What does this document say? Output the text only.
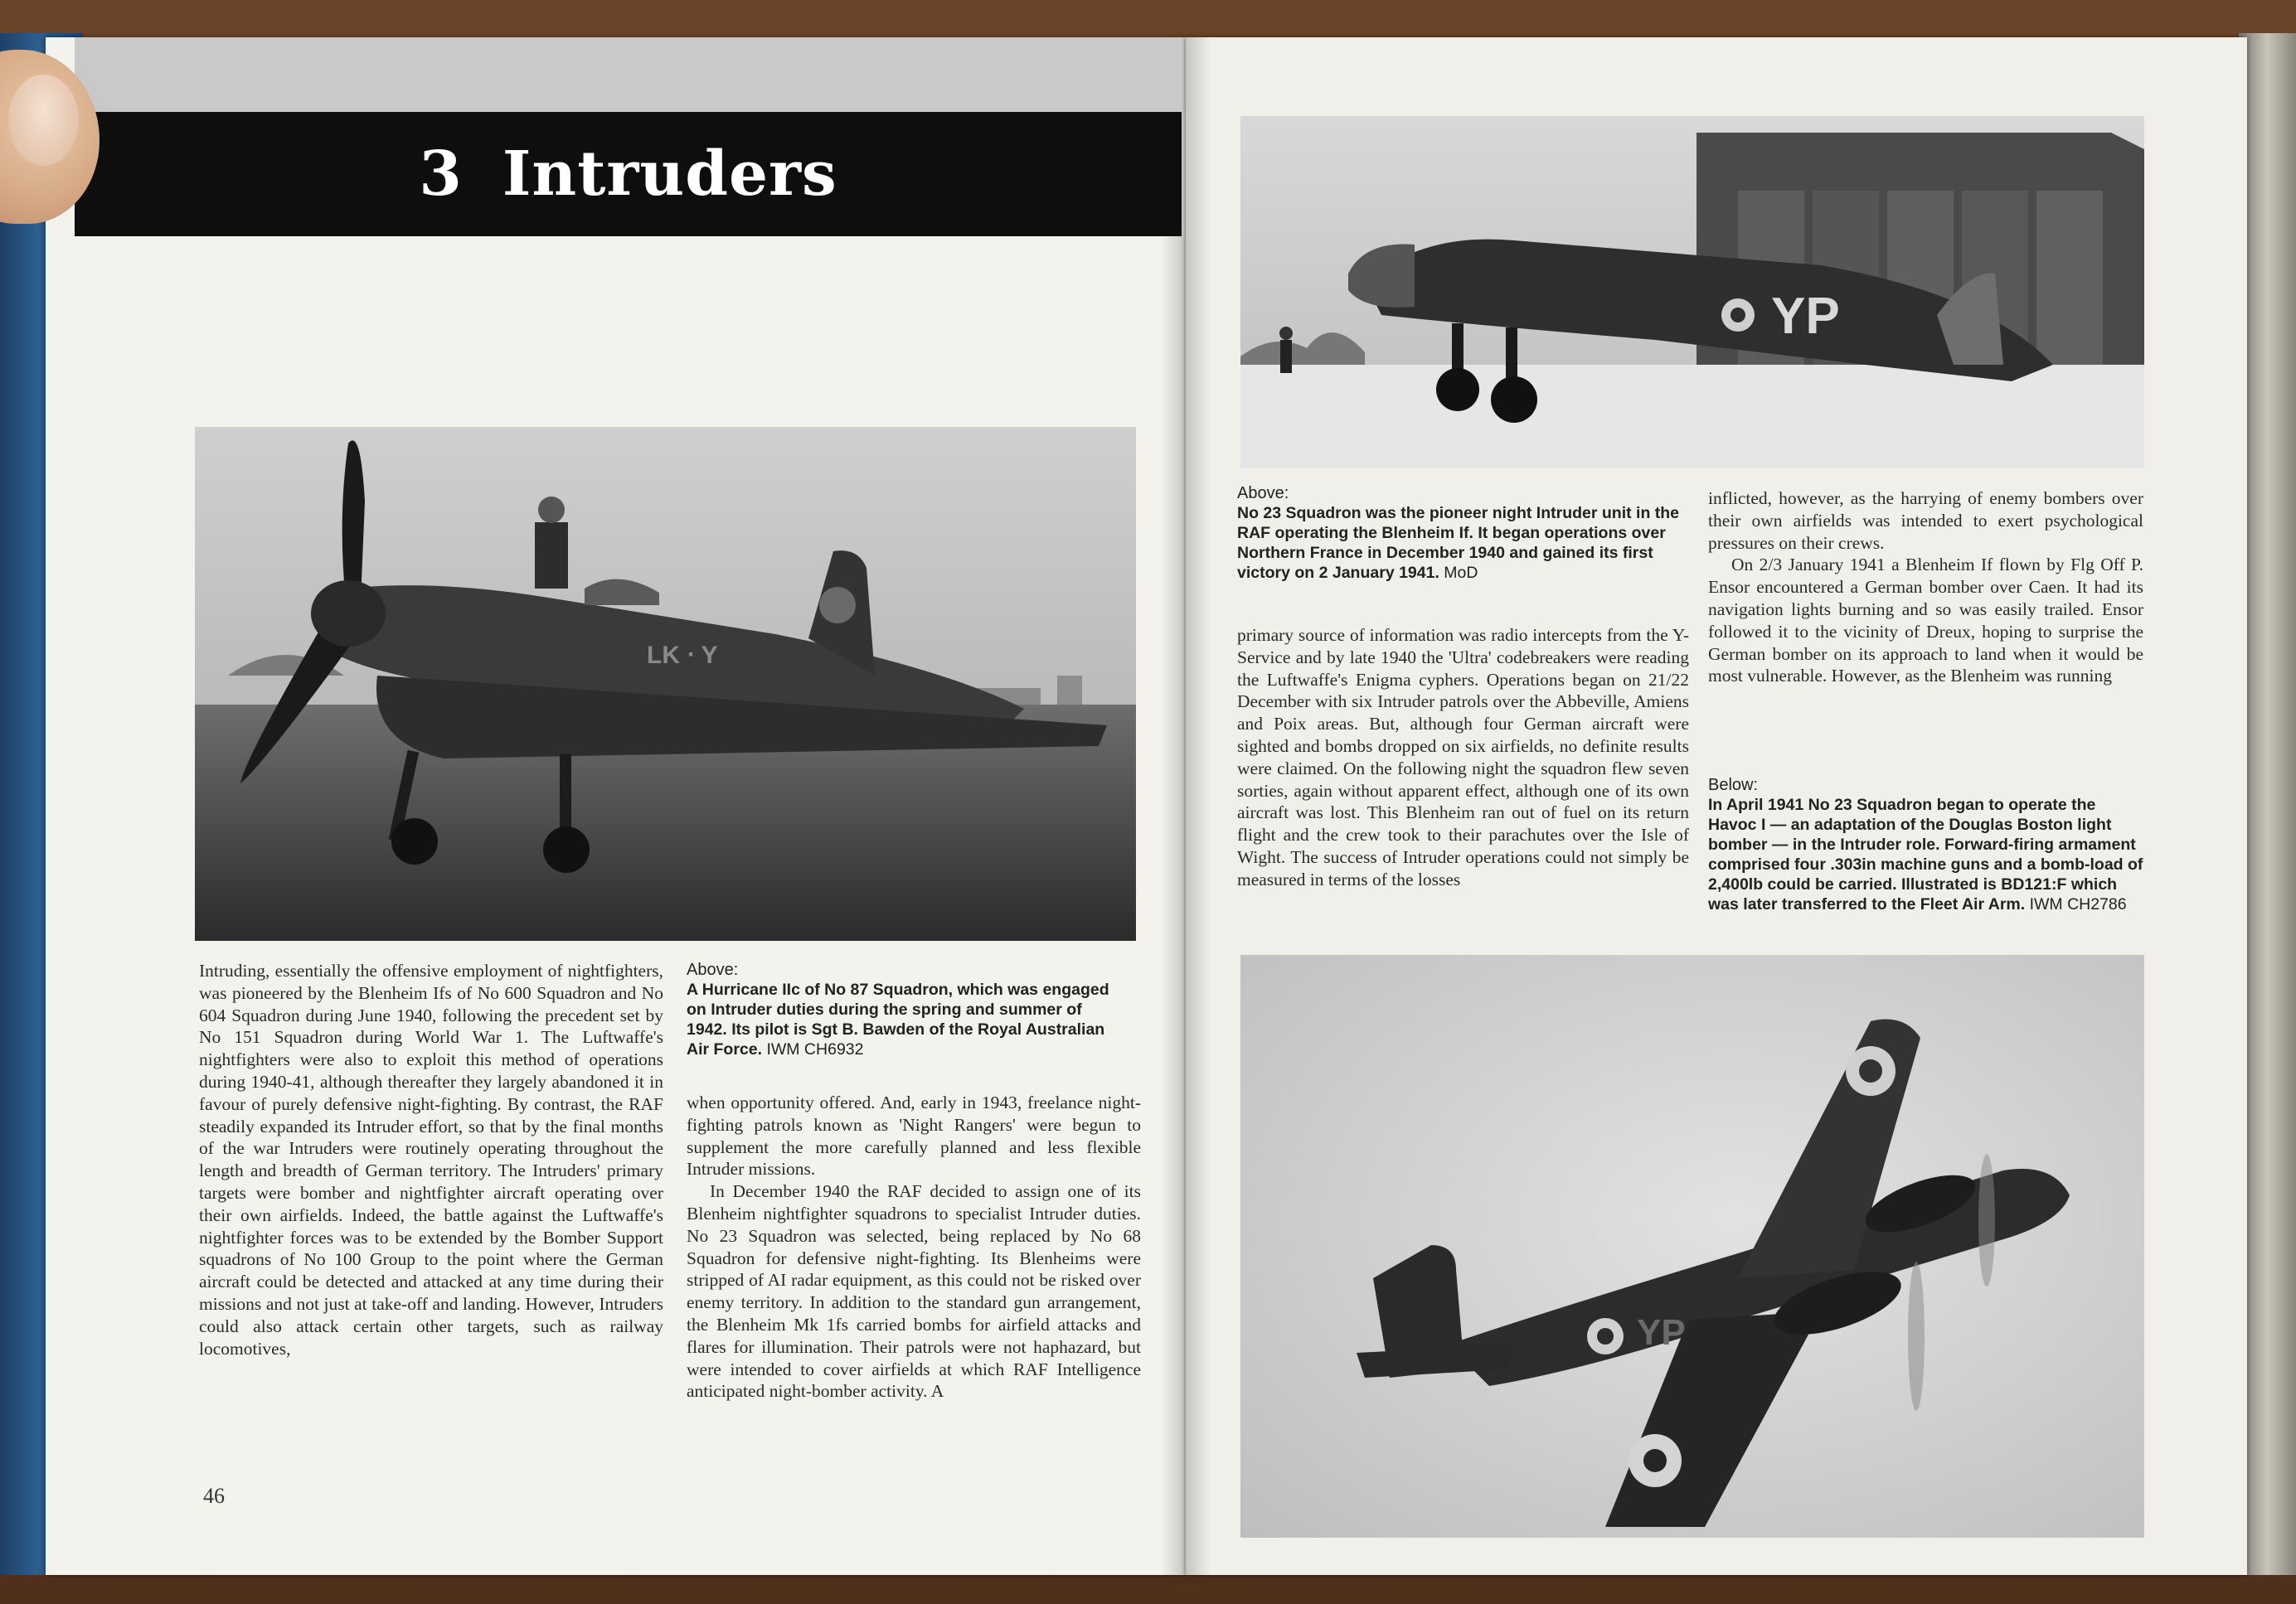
3 Intruders
LK ⋅ Y

Intruding, essentially the offensive employment of nightfighters, was pioneered by the Blenheim Ifs of No 600 Squadron and No 604 Squadron during June 1940, following the precedent set by No 151 Squadron during World War 1. The Luftwaffe's nightfighters were also to exploit this method of operations during 1940-41, although thereafter they largely abandoned it in favour of purely defensive night-fighting. By contrast, the RAF steadily expanded its Intruder effort, so that by the final months of the war Intruders were routinely operating throughout the length and breadth of German territory. The Intruders' primary targets were bomber and nightfighter aircraft operating over their own airfields. Indeed, the battle against the Luftwaffe's nightfighter forces was to be extended by the Bomber Support squadrons of No 100 Group to the point where the German aircraft could be detected and attacked at any time during their missions and not just at take-off and landing. However, Intruders could also attack certain other targets, such as railway locomotives,

Above:
A Hurricane IIc of No 87 Squadron, which was engaged on Intruder duties during the spring and summer of 1942. Its pilot is Sgt B. Bawden of the Royal Australian Air Force. IWM CH6932

when opportunity offered. And, early in 1943, freelance night-fighting patrols known as 'Night Rangers' were begun to supplement the more carefully planned and less flexible Intruder missions.

In December 1940 the RAF decided to assign one of its Blenheim nightfighter squadrons to specialist Intruder duties. No 23 Squadron was selected, being replaced by No 68 Squadron for defensive night-fighting. Its Blenheims were stripped of AI radar equipment, as this could not be risked over enemy territory. In addition to the standard gun arrangement, the Blenheim Mk 1fs carried bombs for airfield attacks and flares for illumination. Their patrols were not haphazard, but were intended to cover airfields at which RAF Intelligence anticipated night-bomber activity. A

46
YP
Above:
No 23 Squadron was the pioneer night Intruder unit in the RAF operating the Blenheim If. It began operations over Northern France in December 1940 and gained its first victory on 2 January 1941. MoD

primary source of information was radio intercepts from the Y-Service and by late 1940 the 'Ultra' codebreakers were reading the Luftwaffe's Enigma cyphers. Operations began on 21/22 December with six Intruder patrols over the Abbeville, Amiens and Poix areas. But, although four German aircraft were sighted and bombs dropped on six airfields, no definite results were claimed. On the following night the squadron flew seven sorties, again without apparent effect, although one of its own aircraft was lost. This Blenheim ran out of fuel on its return flight and the crew took to their parachutes over the Isle of Wight. The success of Intruder operations could not simply be measured in terms of the losses

inflicted, however, as the harrying of enemy bombers over their own airfields was intended to exert psychological pressures on their crews.

On 2/3 January 1941 a Blenheim If flown by Flg Off P. Ensor encountered a German bomber over Caen. It had its navigation lights burning and so was easily trailed. Ensor followed it to the vicinity of Dreux, hoping to surprise the German bomber on its approach to land when it would be most vulnerable. However, as the Blenheim was running

Below:
In April 1941 No 23 Squadron began to operate the Havoc I — an adaptation of the Douglas Boston light bomber — in the Intruder role. Forward-firing armament comprised four .303in machine guns and a bomb-load of 2,400lb could be carried. Illustrated is BD121:F which was later transferred to the Fleet Air Arm. IWM CH2786
YP
